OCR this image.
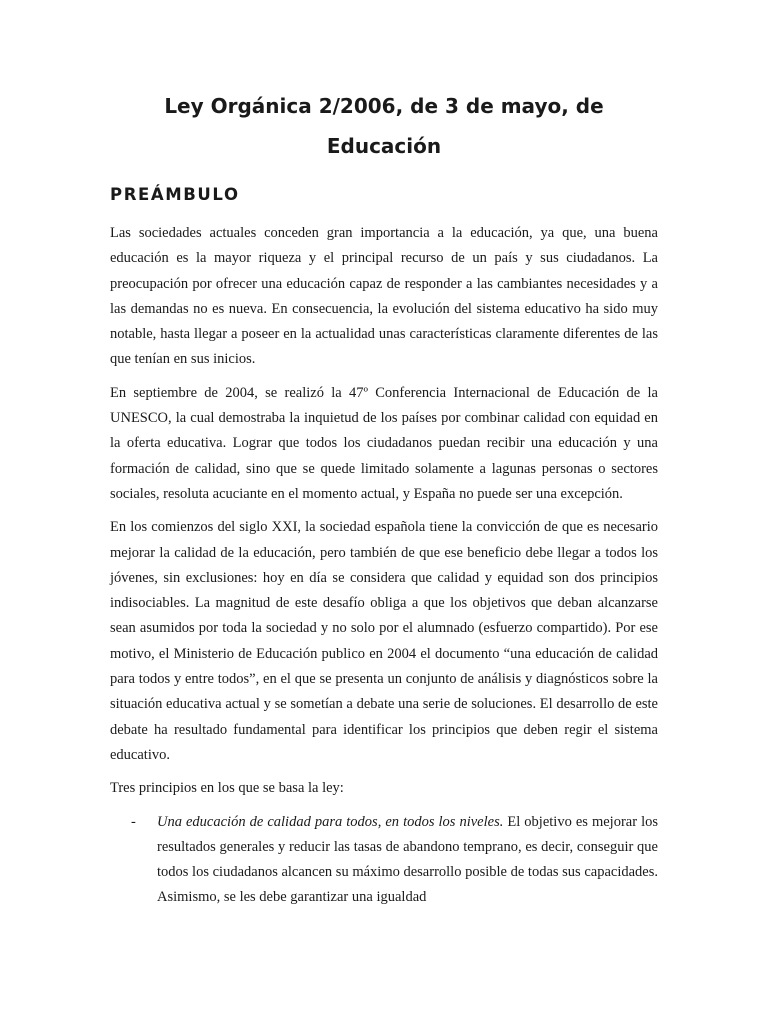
Ley Orgánica 2/2006, de 3 de mayo, de Educación
PREÁMBULO

Las sociedades actuales conceden gran importancia a la educación, ya que, una buena educación es la mayor riqueza y el principal recurso de un país y sus ciudadanos. La preocupación por ofrecer una educación capaz de responder a las cambiantes necesidades y a las demandas no es nueva. En consecuencia, la evolución del sistema educativo ha sido muy notable, hasta llegar a poseer en la actualidad unas características claramente diferentes de las que tenían en sus inicios.

En septiembre de 2004, se realizó la 47º Conferencia Internacional de Educación de la UNESCO, la cual demostraba la inquietud de los países por combinar calidad con equidad en la oferta educativa. Lograr que todos los ciudadanos puedan recibir una educación y una formación de calidad, sino que se quede limitado solamente a lagunas personas o sectores sociales, resoluta acuciante en el momento actual, y España no puede ser una excepción.

En los comienzos del siglo XXI, la sociedad española tiene la convicción de que es necesario mejorar la calidad de la educación, pero también de que ese beneficio debe llegar a todos los jóvenes, sin exclusiones: hoy en día se considera que calidad y equidad son dos principios indisociables. La magnitud de este desafío obliga a que los objetivos que deban alcanzarse sean asumidos por toda la sociedad y no solo por el alumnado (esfuerzo compartido). Por ese motivo, el Ministerio de Educación publico en 2004 el documento “una educación de calidad para todos y entre todos”, en el que se presenta un conjunto de análisis y diagnósticos sobre la situación educativa actual y se sometían a debate una serie de soluciones. El desarrollo de este debate ha resultado fundamental para identificar los principios que deben regir el sistema educativo.

Tres principios en los que se basa la ley:

- Una educación de calidad para todos, en todos los niveles. El objetivo es mejorar los resultados generales y reducir las tasas de abandono temprano, es decir, conseguir que todos los ciudadanos alcancen su máximo desarrollo posible de todas sus capacidades. Asimismo, se les debe garantizar una igualdad
